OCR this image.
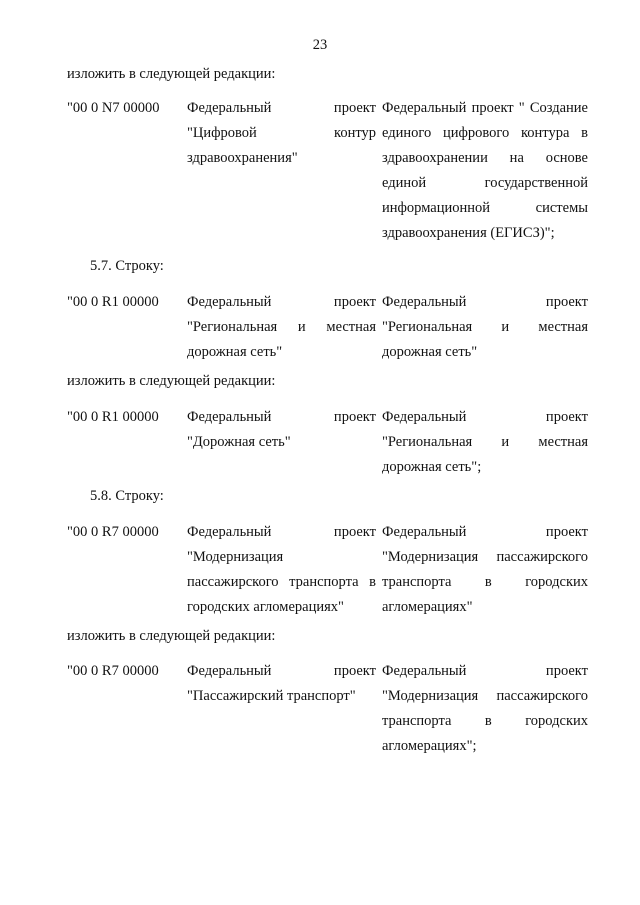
23
изложить в следующей редакции:
"00 0 N7 00000 Федеральный проект
"Цифровой контур
здравоохранения"
Федеральный проект " Создание
единого цифрового контура в
здравоохранении на основе
единой государственной
информационной системы
здравоохранения (ЕГИСЗ)";
5.7. Строку:
"00 0 R1 00000 Федеральный проект
"Региональная и местная
дорожная сеть"
Федеральный проект
"Региональная и местная
дорожная сеть"
изложить в следующей редакции:
"00 0 R1 00000 Федеральный проект
"Дорожная сеть"
Федеральный проект
"Региональная и местная
дорожная сеть";
5.8. Строку:
"00 0 R7 00000 Федеральный проект
"Модернизация
пассажирского транспорта в
городских агломерациях"
Федеральный проект
"Модернизация пассажирского
транспорта в городских
агломерациях"
изложить в следующей редакции:
"00 0 R7 00000 Федеральный проект
"Пассажирский транспорт"
Федеральный проект
"Модернизация пассажирского
транспорта в городских
агломерациях";
